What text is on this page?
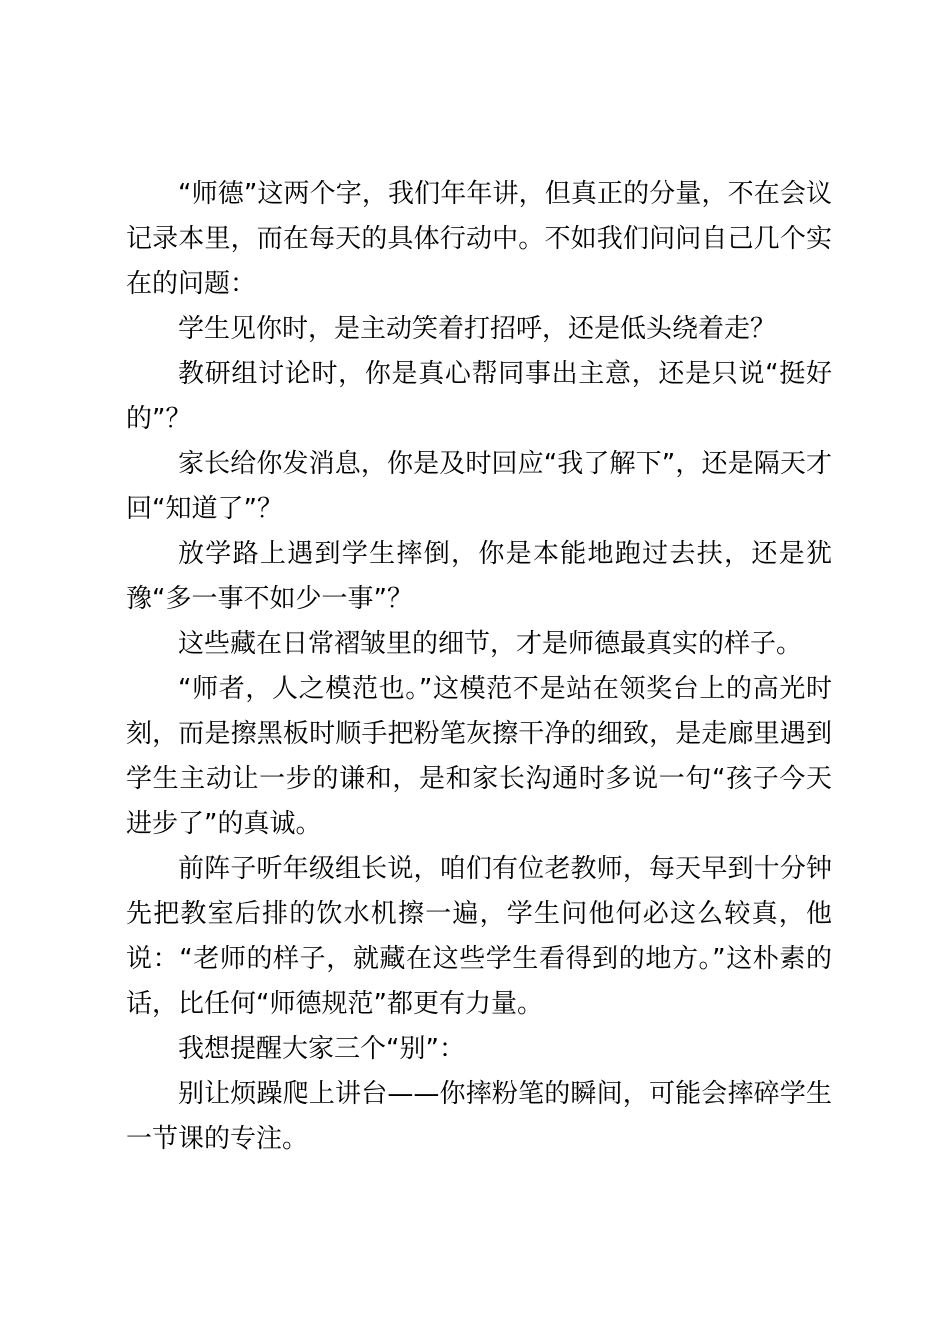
“师德”这两个字，我们年年讲，但真正的分量，不在会议记录本里，而在每天的具体行动中。不如我们问问自己几个实在的问题：

学生见你时，是主动笑着打招呼，还是低头绕着走？

教研组讨论时，你是真心帮同事出主意，还是只说“挺好的”？

家长给你发消息，你是及时回应“我了解下”，还是隔天才回“知道了”？

放学路上遇到学生摔倒，你是本能地跑过去扶，还是犹豫“多一事不如少一事”？

这些藏在日常褶皱里的细节，才是师德最真实的样子。

“师者，人之模范也。”这模范不是站在领奖台上的高光时刻，而是擦黑板时顺手把粉笔灰擦干净的细致，是走廊里遇到学生主动让一步的谦和，是和家长沟通时多说一句“孩子今天进步了”的真诚。

前阵子听年级组长说，咱们有位老教师，每天早到十分钟先把教室后排的饮水机擦一遍，学生问他何必这么较真，他说：“老师的样子，就藏在这些学生看得到的地方。”这朴素的话，比任何“师德规范”都更有力量。

我想提醒大家三个“别”：

别让烦躁爬上讲台——你摔粉笔的瞬间，可能会摔碎学生一节课的专注。
